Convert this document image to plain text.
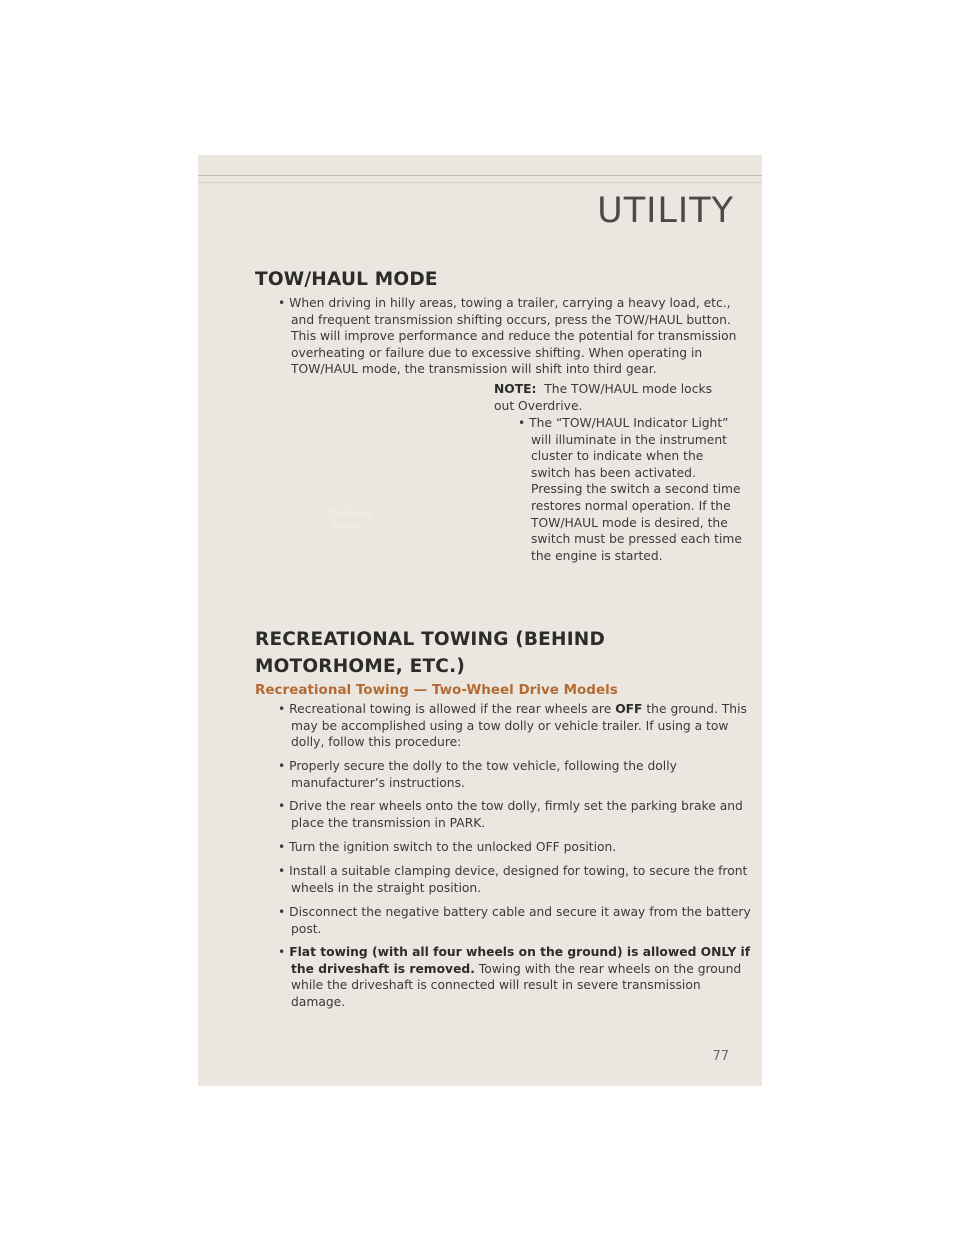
UTILITY
TOW/HAUL MODE

• When driving in hilly areas, towing a trailer, carrying a heavy load, etc., and frequent transmission shifting occurs, press the TOW/HAUL button. This will improve performance and reduce the potential for transmission overheating or failure due to excessive shifting. When operating in TOW/HAUL mode, the transmission will shift into third gear.

NOTE: The TOW/HAUL mode locks out Overdrive.

• The “TOW/HAUL Indicator Light” will illuminate in the instrument cluster to indicate when the switch has been activated. Pressing the switch a second time restores normal operation. If the TOW/HAUL mode is desired, the switch must be pressed each time the engine is started.

Tow/Haul
Button
RECREATIONAL TOWING (BEHIND MOTORHOME, ETC.)
Recreational Towing — Two-Wheel Drive Models

• Recreational towing is allowed if the rear wheels are OFF the ground. This may be accomplished using a tow dolly or vehicle trailer. If using a tow dolly, follow this procedure:

• Properly secure the dolly to the tow vehicle, following the dolly manufacturer’s instructions.

• Drive the rear wheels onto the tow dolly, firmly set the parking brake and place the transmission in PARK.

• Turn the ignition switch to the unlocked OFF position.

• Install a suitable clamping device, designed for towing, to secure the front wheels in the straight position.

• Disconnect the negative battery cable and secure it away from the battery post.

• Flat towing (with all four wheels on the ground) is allowed ONLY if the driveshaft is removed. Towing with the rear wheels on the ground while the driveshaft is connected will result in severe transmission damage.

77
